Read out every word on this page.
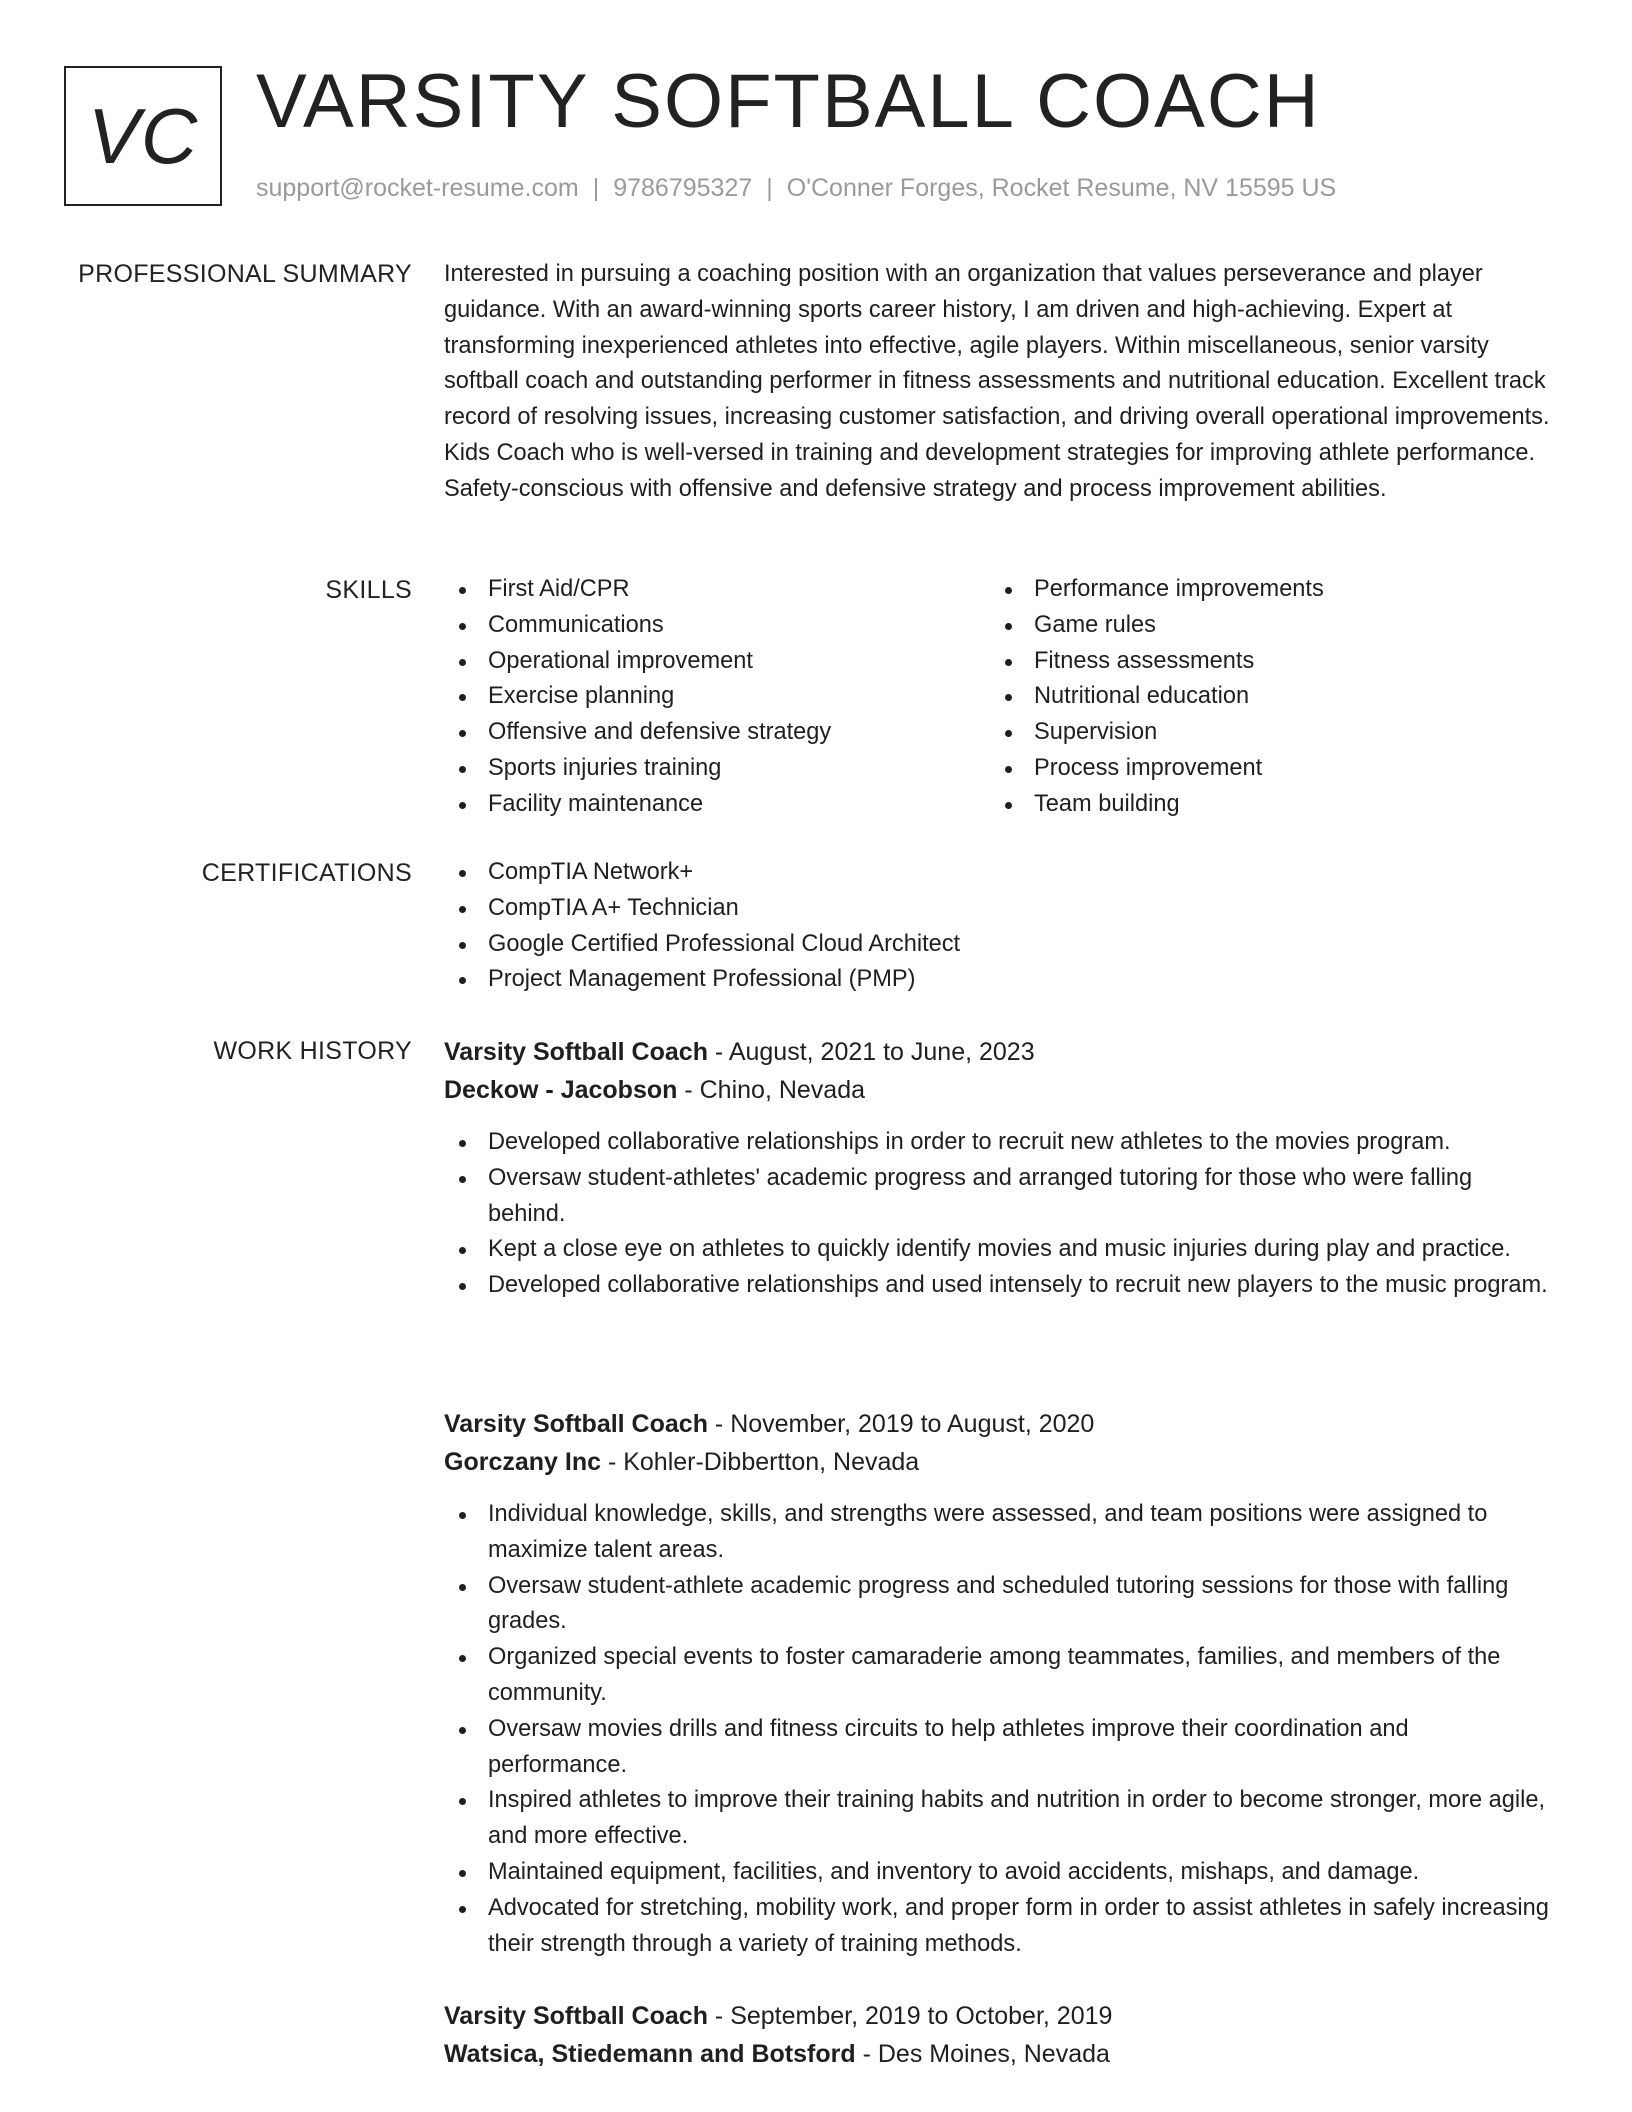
VC VARSITY SOFTBALL COACH
support@rocket-resume.com | 9786795327 | O'Conner Forges, Rocket Resume, NV 15595 US
PROFESSIONAL SUMMARY Interested in pursuing a coaching position with an organization that values perseverance and player guidance. With an award-winning sports career history, I am driven and high-achieving. Expert at transforming inexperienced athletes into effective, agile players. Within miscellaneous, senior varsity softball coach and outstanding performer in fitness assessments and nutritional education. Excellent track record of resolving issues, increasing customer satisfaction, and driving overall operational improvements. Kids Coach who is well-versed in training and development strategies for improving athlete performance. Safety-conscious with offensive and defensive strategy and process improvement abilities.

SKILLS	First Aid/CPR
Communications
Operational improvement
Exercise planning
Offensive and defensive strategy
Sports injuries training
Facility maintenance
Performance improvements
Game rules
Fitness assessments
Nutritional education
Supervision
Process improvement
Team building
CERTIFICATIONS	CompTIA Network+
CompTIA A+ Technician
Google Certified Professional Cloud Architect
Project Management Professional (PMP)
WORK HISTORY Varsity Softball Coach - August, 2021 to June, 2023
Deckow - Jacobson - Chino, Nevada
Developed collaborative relationships in order to recruit new athletes to the movies program.
Oversaw student-athletes' academic progress and arranged tutoring for those who were falling behind.
Kept a close eye on athletes to quickly identify movies and music injuries during play and practice.
Developed collaborative relationships and used intensely to recruit new players to the music program.
Varsity Softball Coach - November, 2019 to August, 2020
Gorczany Inc - Kohler-Dibbertton, Nevada
Individual knowledge, skills, and strengths were assessed, and team positions were assigned to maximize talent areas.
Oversaw student-athlete academic progress and scheduled tutoring sessions for those with falling grades.
Organized special events to foster camaraderie among teammates, families, and members of the community.
Oversaw movies drills and fitness circuits to help athletes improve their coordination and performance.
Inspired athletes to improve their training habits and nutrition in order to become stronger, more agile, and more effective.
Maintained equipment, facilities, and inventory to avoid accidents, mishaps, and damage.
Advocated for stretching, mobility work, and proper form in order to assist athletes in safely increasing their strength through a variety of training methods.
Varsity Softball Coach - September, 2019 to October, 2019
Watsica, Stiedemann and Botsford - Des Moines, Nevada
